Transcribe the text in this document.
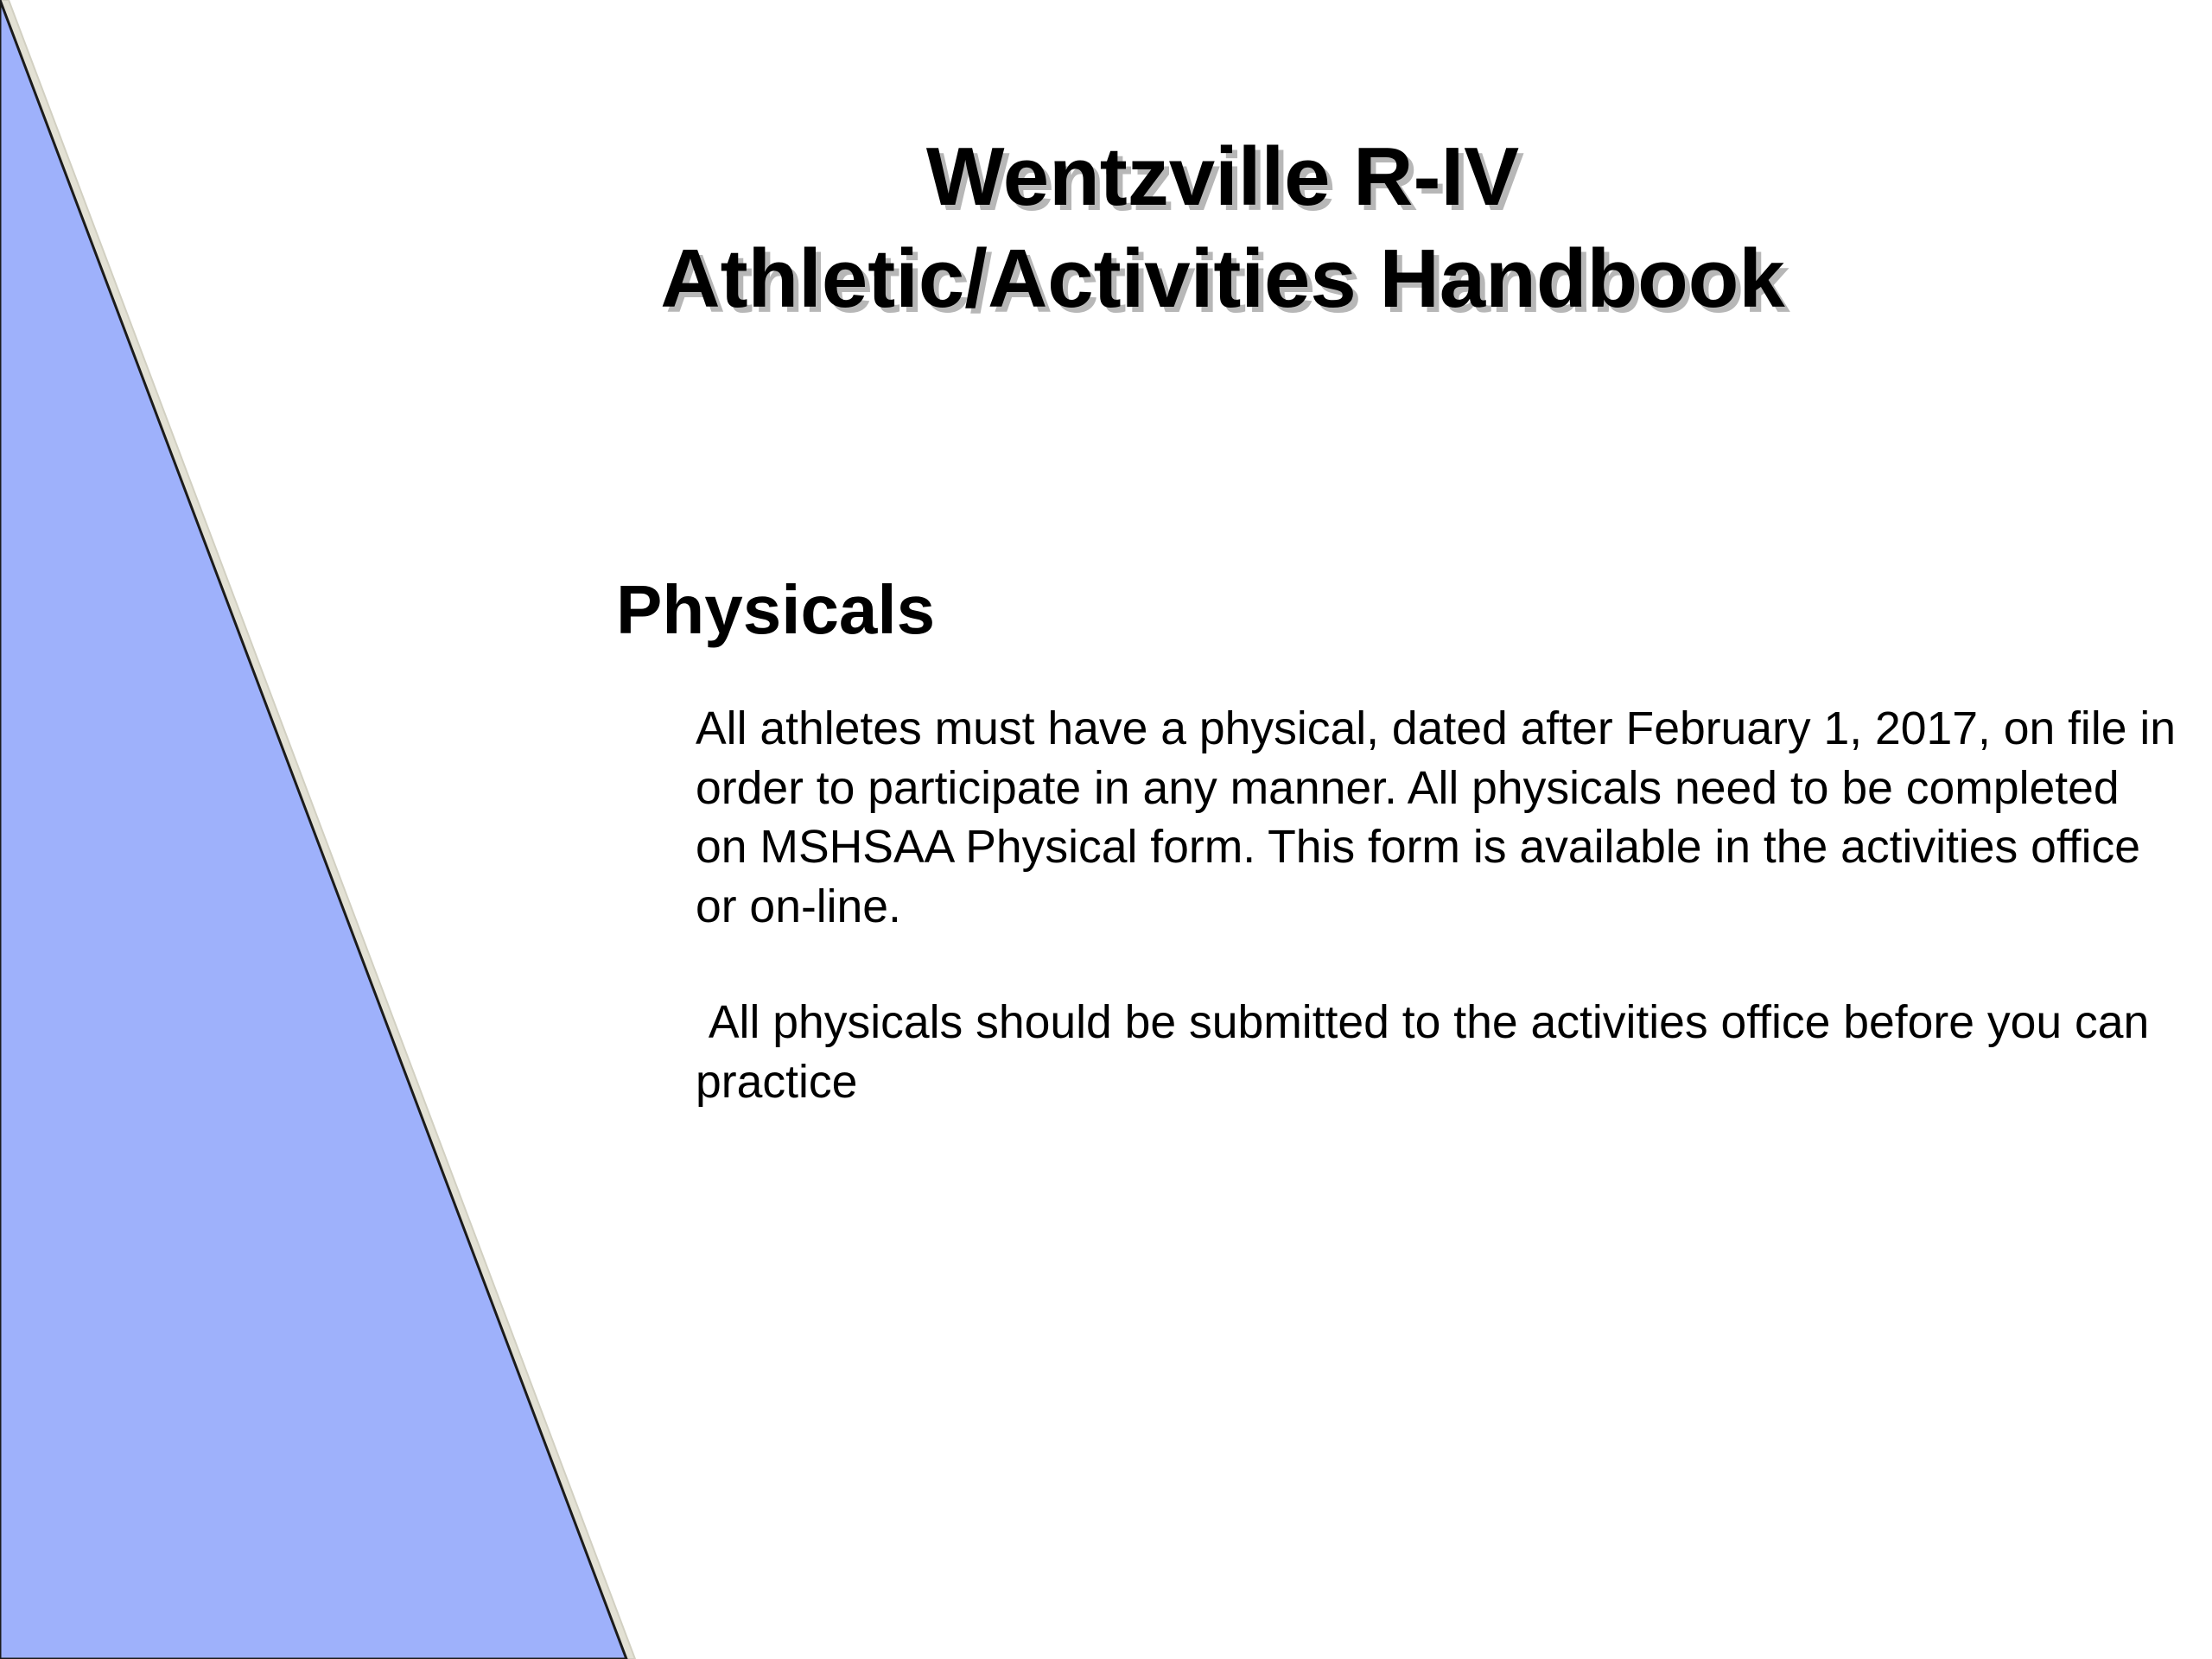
Wentzville R-IV
Athletic/Activities Handbook
Physicals
All athletes must have a physical, dated after February 1, 2017, on file in order to participate in any manner. All physicals need to be completed on MSHSAA Physical form. This form is available in the activities office or on-line.
All physicals should be submitted to the activities office before you can practice
